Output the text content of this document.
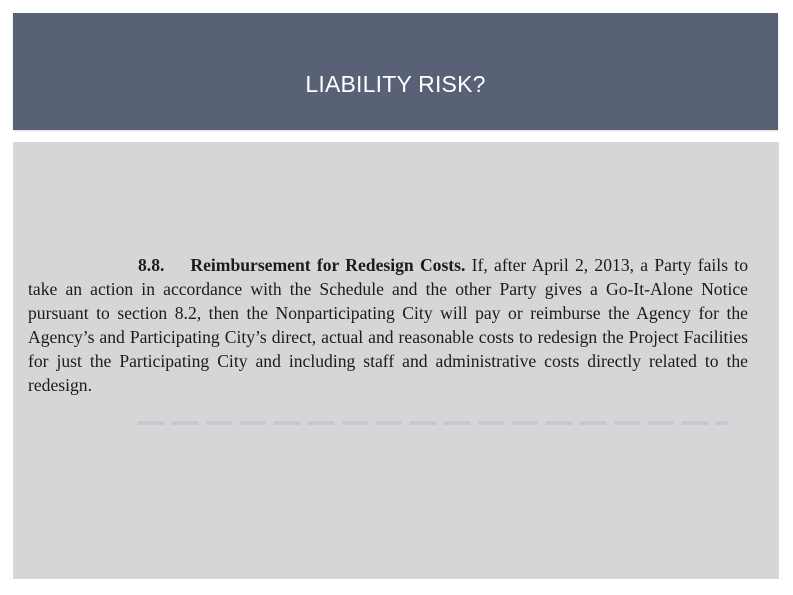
LIABILITY RISK?

8.8. Reimbursement for Redesign Costs. If, after April 2, 2013, a Party fails to take an action in accordance with the Schedule and the other Party gives a Go-It-Alone Notice pursuant to section 8.2, then the Nonparticipating City will pay or reimburse the Agency for the Agency’s and Participating City’s direct, actual and reasonable costs to redesign the Project Facilities for just the Participating City and including staff and administrative costs directly related to the redesign.
